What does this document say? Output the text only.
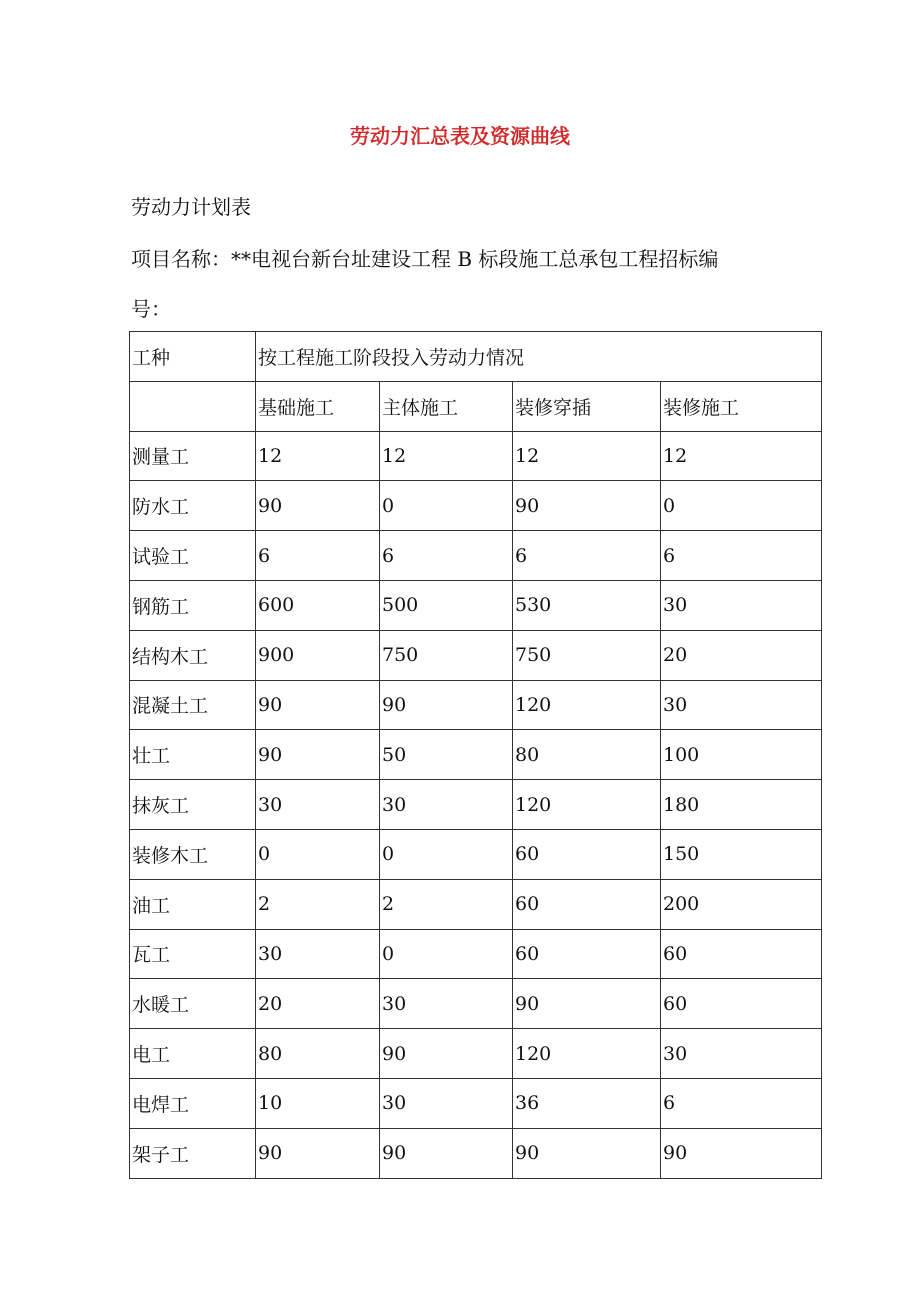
劳动力汇总表及资源曲线
劳动力计划表
项目名称：**电视台新台址建设工程 B 标段施工总承包工程招标编
号：
工种	按工程施工阶段投入劳动力情况			
	基础施工	主体施工	装修穿插	装修施工
测量工	12	12	12	12
防水工	90	0	90	0
试验工	6	6	6	6
钢筋工	600	500	530	30
结构木工	900	750	750	20
混凝土工	90	90	120	30
壮工	90	50	80	100
抹灰工	30	30	120	180
装修木工	0	0	60	150
油工	2	2	60	200
瓦工	30	0	60	60
水暖工	20	30	90	60
电工	80	90	120	30
电焊工	10	30	36	6
架子工	90	90	90	90
